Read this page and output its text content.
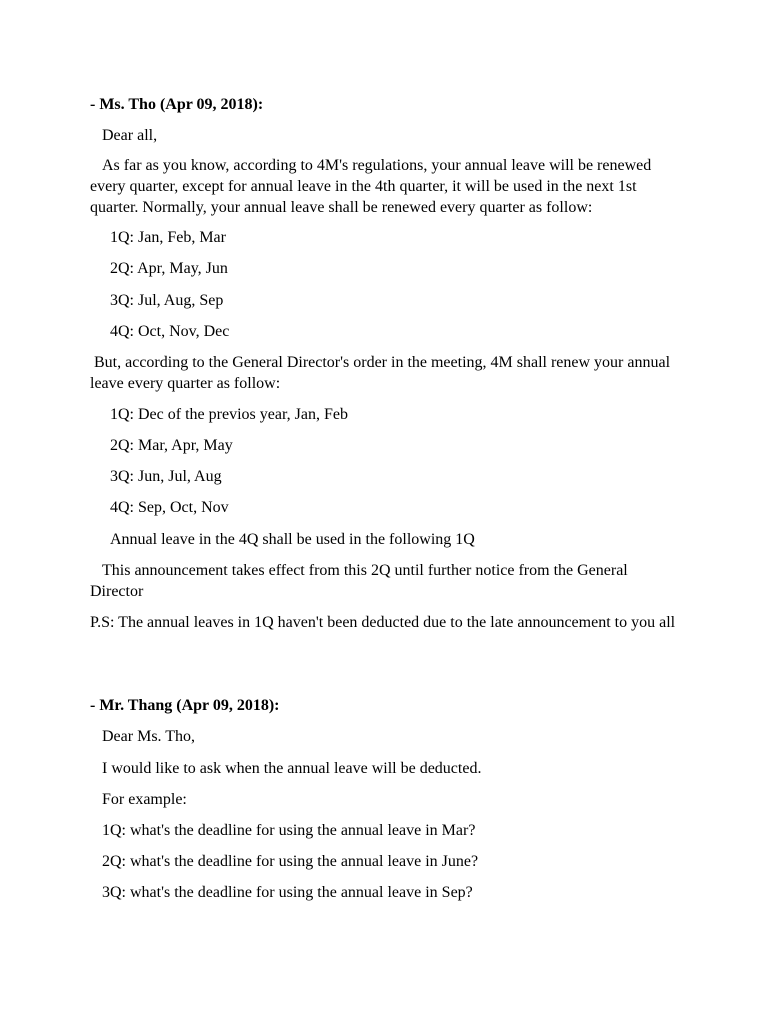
- Ms. Tho (Apr 09, 2018):

Dear all,

As far as you know, according to 4M's regulations, your annual leave will be renewed every quarter, except for annual leave in the 4th quarter, it will be used in the next 1st quarter. Normally, your annual leave shall be renewed every quarter as follow:

1Q: Jan, Feb, Mar

2Q: Apr, May, Jun

3Q: Jul, Aug, Sep

4Q: Oct, Nov, Dec

But, according to the General Director's order in the meeting, 4M shall renew your annual leave every quarter as follow:

1Q: Dec of the previos year, Jan, Feb

2Q: Mar, Apr, May

3Q: Jun, Jul, Aug

4Q: Sep, Oct, Nov

Annual leave in the 4Q shall be used in the following 1Q

This announcement takes effect from this 2Q until further notice from the General Director

P.S: The annual leaves in 1Q haven't been deducted due to the late announcement to you all

- Mr. Thang (Apr 09, 2018):

Dear Ms. Tho,

I would like to ask when the annual leave will be deducted.

For example:

1Q: what's the deadline for using the annual leave in Mar?

2Q: what's the deadline for using the annual leave in June?

3Q: what's the deadline for using the annual leave in Sep?
